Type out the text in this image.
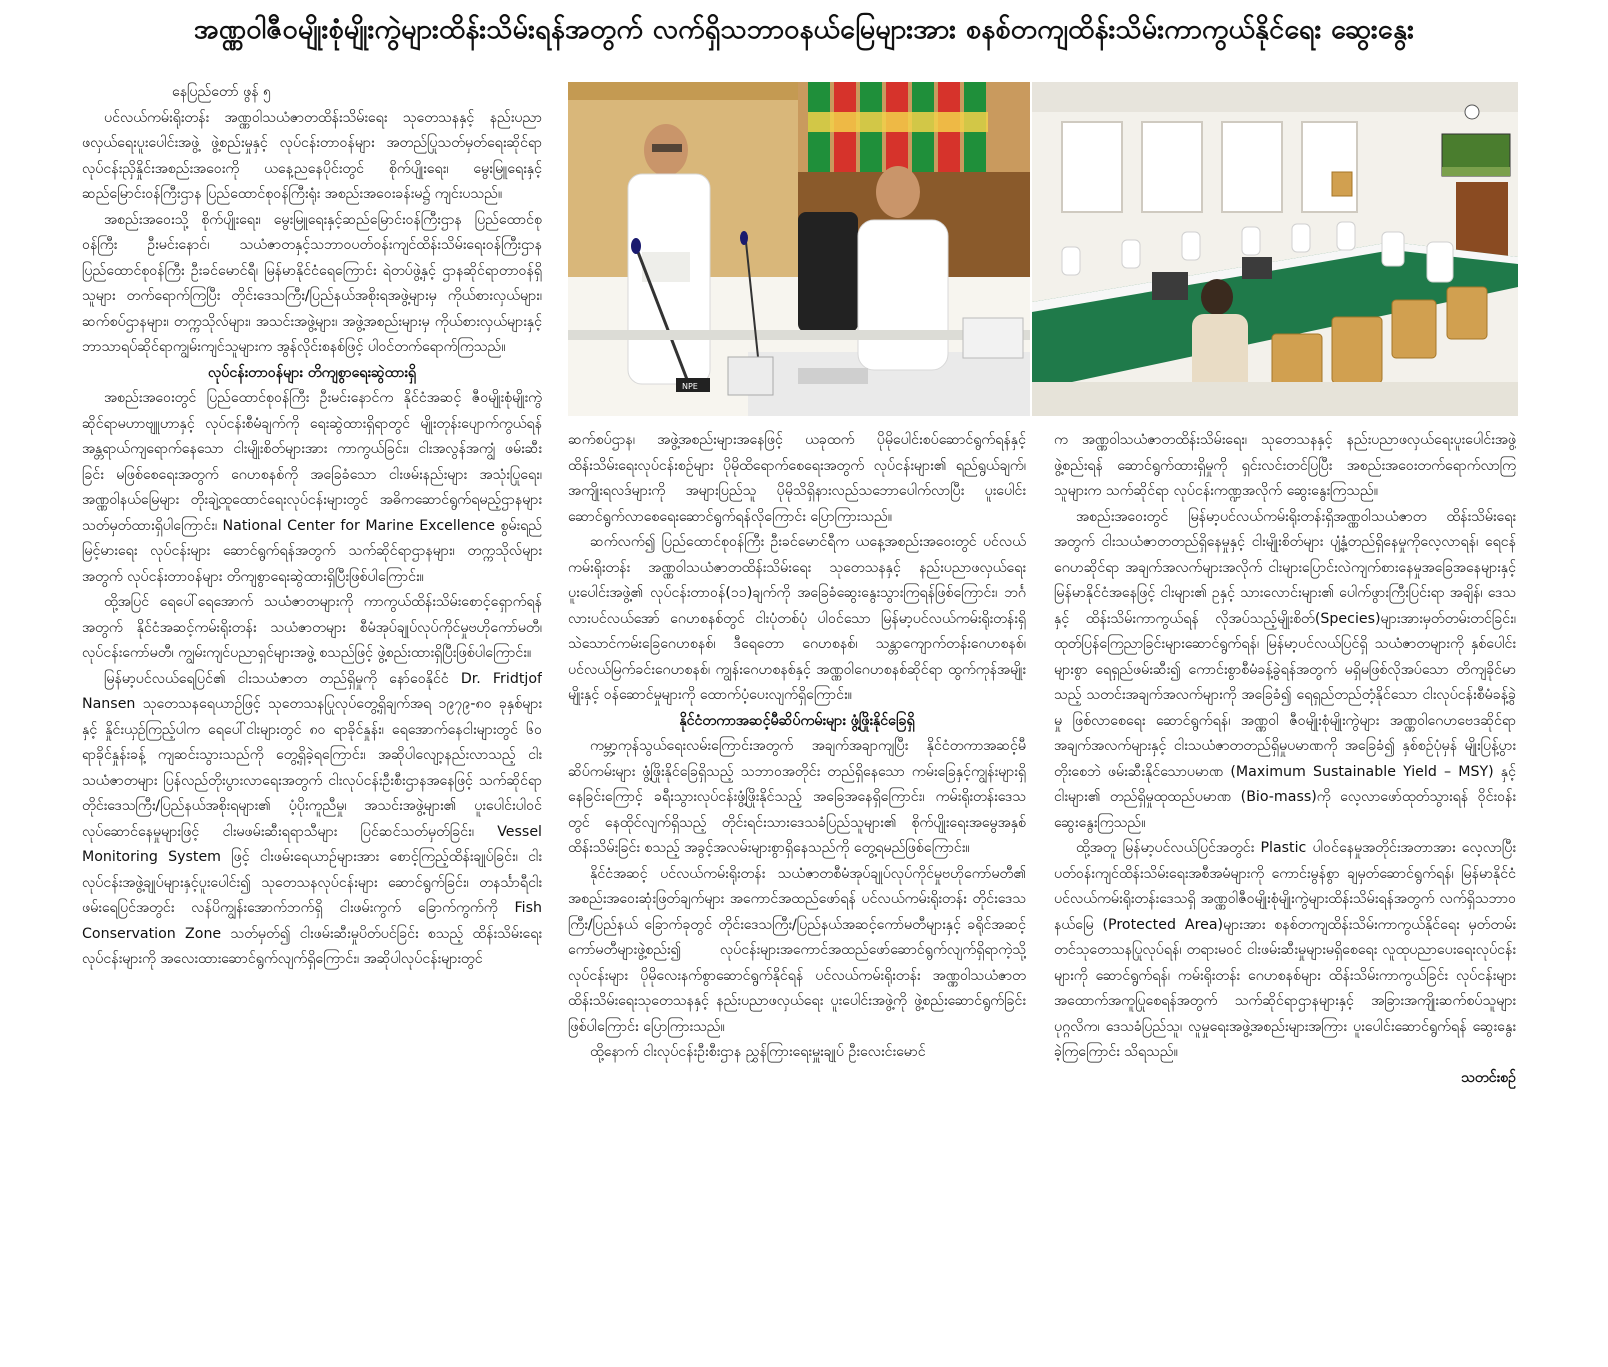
အဏ္ဏဝါဇီဝမျိုးစုံမျိုးကွဲများထိန်းသိမ်းရန်အတွက် လက်ရှိသဘာဝနယ်မြေများအား စနစ်တကျထိန်းသိမ်းကာကွယ်နိုင်ရေး ဆွေးနွေး

နေပြည်တော် ဖွန် ၅

ပင်လယ်ကမ်းရိုးတန်း အဏ္ဏဝါသယံဇာတထိန်းသိမ်းရေး သုတေသနနှင့် နည်းပညာဖလှယ်ရေးပူးပေါင်းအဖွဲ့ ဖွဲ့စည်းမှုနှင့် လုပ်ငန်းတာဝန်များ အတည်ပြုသတ်မှတ်ရေးဆိုင်ရာ လုပ်ငန်းညှိနှိုင်းအစည်းအဝေးကို ယနေ့ညနေပိုင်းတွင် စိုက်ပျိုးရေး၊ မွေးမြူရေးနှင့် ဆည်မြောင်းဝန်ကြီးဌာန ပြည်ထောင်စုဝန်ကြီးရုံး အစည်းအဝေးခန်းမ၌ ကျင်းပသည်။

အစည်းအဝေးသို့ စိုက်ပျိုးရေး၊ မွေးမြူရေးနှင့်ဆည်မြောင်းဝန်ကြီးဌာန ပြည်ထောင်စုဝန်ကြီး ဦးမင်းနောင်၊ သယံဇာတနှင့်သဘာဝပတ်ဝန်းကျင်ထိန်းသိမ်းရေးဝန်ကြီးဌာန ပြည်ထောင်စုဝန်ကြီး ဦးခင်မောင်ရီ၊ မြန်မာနိုင်ငံရေကြောင်း ရဲတပ်ဖွဲ့နှင့် ဌာနဆိုင်ရာတာဝန်ရှိသူများ တက်ရောက်ကြပြီး တိုင်းဒေသကြီး/ပြည်နယ်အစိုးရအဖွဲ့များမှ ကိုယ်စားလှယ်များ၊ ဆက်စပ်ဌာနများ၊ တက္ကသိုလ်များ၊ အသင်းအဖွဲ့များ၊ အဖွဲ့အစည်းများမှ ကိုယ်စားလှယ်များနှင့် ဘာသာရပ်ဆိုင်ရာကျွမ်းကျင်သူများက အွန်လိုင်းစနစ်ဖြင့် ပါဝင်တက်ရောက်ကြသည်။

လုပ်ငန်းတာဝန်များ တိကျစွာရေးဆွဲထားရှိ

အစည်းအဝေးတွင် ပြည်ထောင်စုဝန်ကြီး ဦးမင်းနောင်က နိုင်ငံအဆင့် ဇီဝမျိုးစုံမျိုးကွဲဆိုင်ရာမဟာဗျူဟာနှင့် လုပ်ငန်းစီမံချက်ကို ရေးဆွဲထားရှိရာတွင် မျိုးတုန်းပျောက်ကွယ်ရန် အန္တရာယ်ကျရောက်နေသော ငါးမျိုးစိတ်များအား ကာကွယ်ခြင်း၊ ငါးအလွန်အကျွံ ဖမ်းဆီးခြင်း မဖြစ်စေရေးအတွက် ဂေဟစနစ်ကို အခြေခံသော ငါးဖမ်းနည်းများ အသုံးပြုရေး၊ အဏ္ဏဝါနယ်မြေများ တိုးချဲ့ထူထောင်ရေးလုပ်ငန်းများတွင် အဓိကဆောင်ရွက်ရမည့်ဌာနများ သတ်မှတ်ထားရှိပါကြောင်း၊ National Center for Marine Excellence စွမ်းရည်မြင့်မားရေး လုပ်ငန်းများ ဆောင်ရွက်ရန်အတွက် သက်ဆိုင်ရာဌာနများ၊ တက္ကသိုလ်များအတွက် လုပ်ငန်းတာဝန်များ တိကျစွာရေးဆွဲထားရှိပြီးဖြစ်ပါကြောင်း။

ထို့အပြင် ရေပေါ်ရေအောက် သယံဇာတများကို ကာကွယ်ထိန်းသိမ်းစောင့်ရှောက်ရန်အတွက် နိုင်ငံအဆင့်ကမ်းရိုးတန်း သယံဇာတများ စီမံအုပ်ချုပ်လုပ်ကိုင်မှုဗဟိုကော်မတီ၊ လုပ်ငန်းကော်မတီ၊ ကျွမ်းကျင်ပညာရှင်များအဖွဲ့ စသည်ဖြင့် ဖွဲ့စည်းထားရှိပြီးဖြစ်ပါကြောင်း။

မြန်မာ့ပင်လယ်ရေပြင်၏ ငါးသယံဇာတ တည်ရှိမှုကို နော်ဝေနိုင်ငံ Dr. Fridtjof Nansen သုတေသနရေယာဉ်ဖြင့် သုတေသနပြုလုပ်တွေ့ရှိချက်အရ ၁၉၇၉-၈၀ ခုနှစ်များနှင့် နှိုင်းယှဉ်ကြည့်ပါက ရေပေါ်ငါးများတွင် ၈၀ ရာခိုင်နှုန်း၊ ရေအောက်နေငါးများတွင် ၆၀ ရာခိုင်နှုန်းခန့် ကျဆင်းသွားသည်ကို တွေ့ရှိခဲ့ရကြောင်း၊ အဆိုပါလျော့နည်းလာသည့် ငါးသယံဇာတများ ပြန်လည်တိုးပွားလာရေးအတွက် ငါးလုပ်ငန်းဦးစီးဌာနအနေဖြင့် သက်ဆိုင်ရာတိုင်းဒေသကြီး/ပြည်နယ်အစိုးရများ၏ ပံ့ပိုးကူညီမှု၊ အသင်းအဖွဲ့များ၏ ပူးပေါင်းပါဝင်လုပ်ဆောင်နေမှုများဖြင့် ငါးမဖမ်းဆီးရရာသီများ ပြင်ဆင်သတ်မှတ်ခြင်း၊ Vessel Monitoring System ဖြင့် ငါးဖမ်းရေယာဉ်များအား စောင့်ကြည့်ထိန်းချုပ်ခြင်း၊ ငါးလုပ်ငန်းအဖွဲ့ချုပ်များနှင့်ပူးပေါင်း၍ သုတေသနလုပ်ငန်းများ ဆောင်ရွက်ခြင်း၊ တနင်္သာရီငါးဖမ်းရေပြင်အတွင်း လန်ပိကျွန်းအောက်ဘက်ရှိ ငါးဖမ်းကွက် ခြောက်ကွက်ကို Fish Conservation Zone သတ်မှတ်၍ ငါးဖမ်းဆီးမှုပိတ်ပင်ခြင်း စသည့် ထိန်းသိမ်းရေးလုပ်ငန်းများကို အလေးထားဆောင်ရွက်လျက်ရှိကြောင်း၊ အဆိုပါလုပ်ငန်းများတွင်

NPE

ဆက်စပ်ဌာန၊ အဖွဲ့အစည်းများအနေဖြင့် ယခုထက် ပိုမိုပေါင်းစပ်ဆောင်ရွက်ရန်နှင့် ထိန်းသိမ်းရေးလုပ်ငန်းစဉ်များ ပိုမိုထိရောက်စေရေးအတွက် လုပ်ငန်းများ၏ ရည်ရွယ်ချက်၊ အကျိုးရလဒ်များကို အများပြည်သူ ပိုမိုသိရှိနားလည်သဘောပေါက်လာပြီး ပူးပေါင်းဆောင်ရွက်လာစေရေးဆောင်ရွက်ရန်လိုကြောင်း ပြောကြားသည်။

ဆက်လက်၍ ပြည်ထောင်စုဝန်ကြီး ဦးခင်မောင်ရီက ယနေ့အစည်းအဝေးတွင် ပင်လယ်ကမ်းရိုးတန်း အဏ္ဏဝါသယံဇာတထိန်းသိမ်းရေး သုတေသနနှင့် နည်းပညာဖလှယ်ရေးပူးပေါင်းအဖွဲ့၏ လုပ်ငန်းတာဝန်(၁၁)ချက်ကို အခြေခံဆွေးနွေးသွားကြရန်ဖြစ်ကြောင်း၊ ဘင်္ဂလားပင်လယ်အော် ဂေဟစနစ်တွင် ငါးပုံတစ်ပုံ ပါဝင်သော မြန်မာ့ပင်လယ်ကမ်းရိုးတန်းရှိ သဲသောင်ကမ်းခြေဂေဟစနစ်၊ ဒီရေတော ဂေဟစနစ်၊ သန္တာကျောက်တန်းဂေဟစနစ်၊ ပင်လယ်မြက်ခင်းဂေဟစနစ်၊ ကျွန်းဂေဟစနစ်နှင့် အဏ္ဏဝါဂေဟစနစ်ဆိုင်ရာ ထွက်ကုန်အမျိုးမျိုးနှင့် ဝန်ဆောင်မှုများကို ထောက်ပံ့ပေးလျက်ရှိကြောင်း။

နိုင်ငံတကာအဆင့်မီဆိပ်ကမ်းများ ဖွံ့ဖြိုးနိုင်ခြေရှိ

ကမ္ဘာ့ကုန်သွယ်ရေးလမ်းကြောင်းအတွက် အချက်အချာကျပြီး နိုင်ငံတကာအဆင့်မီ ဆိပ်ကမ်းများ ဖွံ့ဖြိုးနိုင်ခြေရှိသည့် သဘာဝအတိုင်း တည်ရှိနေသော ကမ်းခြေနှင့်ကျွန်းများရှိနေခြင်းကြောင့် ခရီးသွားလုပ်ငန်းဖွံ့ဖြိုးနိုင်သည့် အခြေအနေရှိကြောင်း၊ ကမ်းရိုးတန်းဒေသတွင် နေထိုင်လျက်ရှိသည့် တိုင်းရင်းသားဒေသခံပြည်သူများ၏ စိုက်ပျိုးရေးအမွေအနှစ်ထိန်းသိမ်းခြင်း စသည့် အခွင့်အလမ်းများစွာရှိနေသည်ကို တွေ့ရမည်ဖြစ်ကြောင်း။

နိုင်ငံအဆင့် ပင်လယ်ကမ်းရိုးတန်း သယံဇာတစီမံအုပ်ချုပ်လုပ်ကိုင်မှုဗဟိုကော်မတီ၏ အစည်းအဝေးဆုံးဖြတ်ချက်များ အကောင်အထည်ဖော်ရန် ပင်လယ်ကမ်းရိုးတန်း တိုင်းဒေသကြီး/ပြည်နယ် ခြောက်ခုတွင် တိုင်းဒေသကြီး/ပြည်နယ်အဆင့်ကော်မတီများနှင့် ခရိုင်အဆင့်ကော်မတီများဖွဲ့စည်း၍ လုပ်ငန်းများအကောင်အထည်ဖော်ဆောင်ရွက်လျက်ရှိရာကဲ့သို့ လုပ်ငန်းများ ပိုမိုလေးနက်စွာဆောင်ရွက်နိုင်ရန် ပင်လယ်ကမ်းရိုးတန်း အဏ္ဏဝါသယံဇာတထိန်းသိမ်းရေးသုတေသနနှင့် နည်းပညာဖလှယ်ရေး ပူးပေါင်းအဖွဲ့ကို ဖွဲ့စည်းဆောင်ရွက်ခြင်းဖြစ်ပါကြောင်း ပြောကြားသည်။

ထို့နောက် ငါးလုပ်ငန်းဦးစီးဌာန ညွှန်ကြားရေးမှူးချုပ် ဦးလေးင်းမောင်

က အဏ္ဏဝါသယံဇာတထိန်းသိမ်းရေး၊ သုတေသနနှင့် နည်းပညာဖလှယ်ရေးပူးပေါင်းအဖွဲ့ ဖွဲ့စည်းရန် ဆောင်ရွက်ထားရှိမှုကို ရှင်းလင်းတင်ပြပြီး အစည်းအဝေးတက်ရောက်လာကြသူများက သက်ဆိုင်ရာ လုပ်ငန်းကဏ္ဍအလိုက် ဆွေးနွေးကြသည်။

အစည်းအဝေးတွင် မြန်မာ့ပင်လယ်ကမ်းရိုးတန်းရှိအဏ္ဏဝါသယံဇာတ ထိန်းသိမ်းရေးအတွက် ငါးသယံဇာတတည်ရှိနေမှုနှင့် ငါးမျိုးစိတ်များ ပျံ့နှံ့တည်ရှိနေမှုကိုလေ့လာရန်၊ ရေငန်ဂေဟဆိုင်ရာ အချက်အလက်များအလိုက် ငါးများပြောင်းလဲကျက်စားနေမှုအခြေအနေများနှင့် မြန်မာနိုင်ငံအနေဖြင့် ငါးများ၏ ဥနှင့် သားလောင်းများ၏ ပေါက်ဖွားကြီးပြင်းရာ အချိန်၊ ဒေသနှင့် ထိန်းသိမ်းကာကွယ်ရန် လိုအပ်သည့်မျိုးစိတ်(Species)များအားမှတ်တမ်းတင်ခြင်း၊ ထုတ်ပြန်ကြေညာခြင်းများဆောင်ရွက်ရန်၊ မြန်မာ့ပင်လယ်ပြင်ရှိ သယံဇာတများကို နှစ်ပေါင်းများစွာ ရေရှည်ဖမ်းဆီး၍ ကောင်းစွာစီမံခန့်ခွဲရန်အတွက် မရှိမဖြစ်လိုအပ်သော တိကျခိုင်မာသည့် သတင်းအချက်အလက်များကို အခြေခံ၍ ရေရှည်တည်တံ့နိုင်သော ငါးလုပ်ငန်းစီမံခန့်ခွဲမှု ဖြစ်လာစေရေး ဆောင်ရွက်ရန်၊ အဏ္ဏဝါ ဇီဝမျိုးစုံမျိုးကွဲများ အဏ္ဏဝါဂေဟဗေဒဆိုင်ရာ အချက်အလက်များနှင့် ငါးသယံဇာတတည်ရှိမှုပမာဏကို အခြေခံ၍ နှစ်စဉ်ပုံမှန် မျိုးပြန့်ပွားတိုးစေဘဲ ဖမ်းဆီးနိုင်သောပမာဏ (Maximum Sustainable Yield – MSY) နှင့် ငါးများ၏ တည်ရှိမှုထုထည်ပမာဏ (Bio-mass)ကို လေ့လာဖော်ထုတ်သွားရန် ဝိုင်းဝန်း ဆွေးနွေးကြသည်။

ထို့အတူ မြန်မာ့ပင်လယ်ပြင်အတွင်း Plastic ပါဝင်နေမှုအတိုင်းအတာအား လေ့လာပြီး ပတ်ဝန်းကျင်ထိန်းသိမ်းရေးအစီအမံများကို ကောင်းမွန်စွာ ချမှတ်ဆောင်ရွက်ရန်၊ မြန်မာနိုင်ငံပင်လယ်ကမ်းရိုးတန်းဒေသရှိ အဏ္ဏဝါဇီဝမျိုးစုံမျိုးကွဲများထိန်းသိမ်းရန်အတွက် လက်ရှိသဘာဝနယ်မြေ (Protected Area)များအား စနစ်တကျထိန်းသိမ်းကာကွယ်နိုင်ရေး မှတ်တမ်းတင်သုတေသနပြုလုပ်ရန်၊ တရားမဝင် ငါးဖမ်းဆီးမှုများမရှိစေရေး လူထုပညာပေးရေးလုပ်ငန်းများကို ဆောင်ရွက်ရန်၊ ကမ်းရိုးတန်း ဂေဟစနစ်များ ထိန်းသိမ်းကာကွယ်ခြင်း လုပ်ငန်းများ အထောက်အကူပြုစေရန်အတွက် သက်ဆိုင်ရာဌာနများနှင့် အခြားအကျိုးဆက်စပ်သူများ ပုဂ္ဂလိက၊ ဒေသခံပြည်သူ၊ လူမှုရေးအဖွဲ့အစည်းများအကြား ပူးပေါင်းဆောင်ရွက်ရန် ဆွေးနွေးခဲ့ကြကြောင်း သိရသည်။

သတင်းစဉ်
